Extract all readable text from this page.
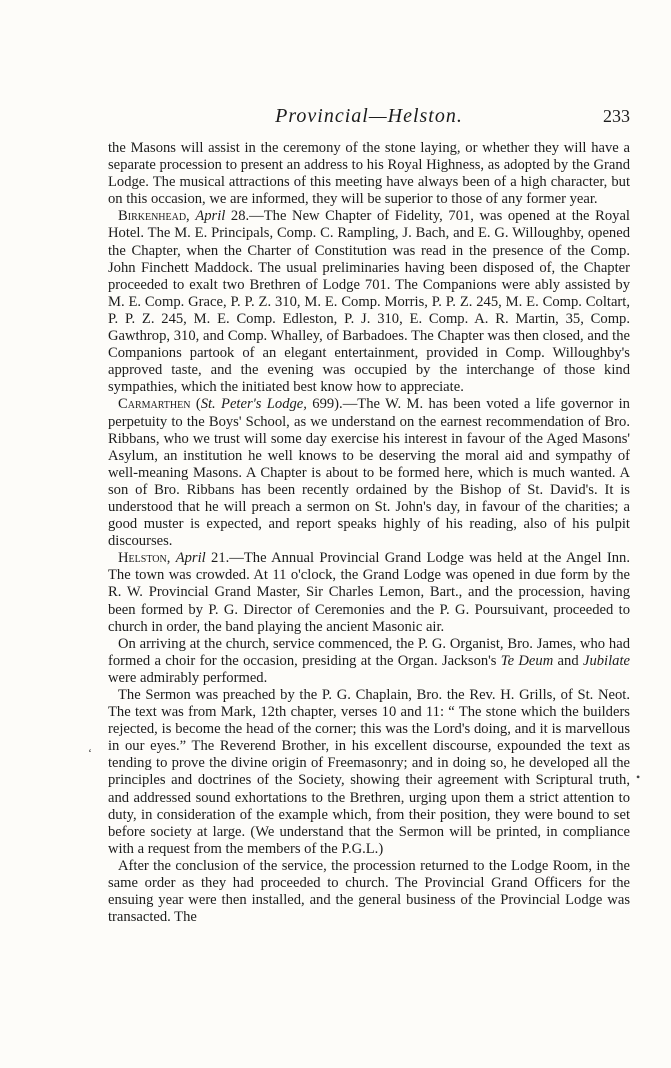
Provincial—Helston.	233

the Masons will assist in the ceremony of the stone laying, or whether they will have a separate procession to present an address to his Royal Highness, as adopted by the Grand Lodge. The musical attractions of this meeting have always been of a high character, but on this occasion, we are informed, they will be superior to those of any former year.

Birkenhead, April 28.—The New Chapter of Fidelity, 701, was opened at the Royal Hotel. The M. E. Principals, Comp. C. Rampling, J. Bach, and E. G. Willoughby, opened the Chapter, when the Charter of Constitution was read in the presence of the Comp. John Finchett Maddock. The usual preliminaries having been disposed of, the Chapter proceeded to exalt two Brethren of Lodge 701. The Companions were ably assisted by M. E. Comp. Grace, P. P. Z. 310, M. E. Comp. Morris, P. P. Z. 245, M. E. Comp. Coltart, P. P. Z. 245, M. E. Comp. Edleston, P. J. 310, E. Comp. A. R. Martin, 35, Comp. Gawthrop, 310, and Comp. Whalley, of Barbadoes. The Chapter was then closed, and the Companions partook of an elegant entertainment, provided in Comp. Willoughby's approved taste, and the evening was occupied by the interchange of those kind sympathies, which the initiated best know how to appreciate.

Carmarthen (St. Peter's Lodge, 699).—The W. M. has been voted a life governor in perpetuity to the Boys' School, as we understand on the earnest recommendation of Bro. Ribbans, who we trust will some day exercise his interest in favour of the Aged Masons' Asylum, an institution he well knows to be deserving the moral aid and sympathy of well-meaning Masons. A Chapter is about to be formed here, which is much wanted. A son of Bro. Ribbans has been recently ordained by the Bishop of St. David's. It is understood that he will preach a sermon on St. John's day, in favour of the charities; a good muster is expected, and report speaks highly of his reading, also of his pulpit discourses.

Helston, April 21.—The Annual Provincial Grand Lodge was held at the Angel Inn. The town was crowded. At 11 o'clock, the Grand Lodge was opened in due form by the R. W. Provincial Grand Master, Sir Charles Lemon, Bart., and the procession, having been formed by P. G. Director of Ceremonies and the P. G. Poursuivant, proceeded to church in order, the band playing the ancient Masonic air.

On arriving at the church, service commenced, the P. G. Organist, Bro. James, who had formed a choir for the occasion, presiding at the Organ. Jackson's Te Deum and Jubilate were admirably performed.

The Sermon was preached by the P. G. Chaplain, Bro. the Rev. H. Grills, of St. Neot. The text was from Mark, 12th chapter, verses 10 and 11: “ The stone which the builders rejected, is become the head of the corner; this was the Lord's doing, and it is marvellous in our eyes.” The Reverend Brother, in his excellent discourse, expounded the text as tending to prove the divine origin of Freemasonry; and in doing so, he developed all the principles and doctrines of the Society, showing their agreement with Scriptural truth, and addressed sound exhortations to the Brethren, urging upon them a strict attention to duty, in consideration of the example which, from their position, they were bound to set before society at large. (We understand that the Sermon will be printed, in compliance with a request from the members of the P.G.L.)

After the conclusion of the service, the procession returned to the Lodge Room, in the same order as they had proceeded to church. The Provincial Grand Officers for the ensuing year were then installed, and the general business of the Provincial Lodge was transacted. The

‘
•
